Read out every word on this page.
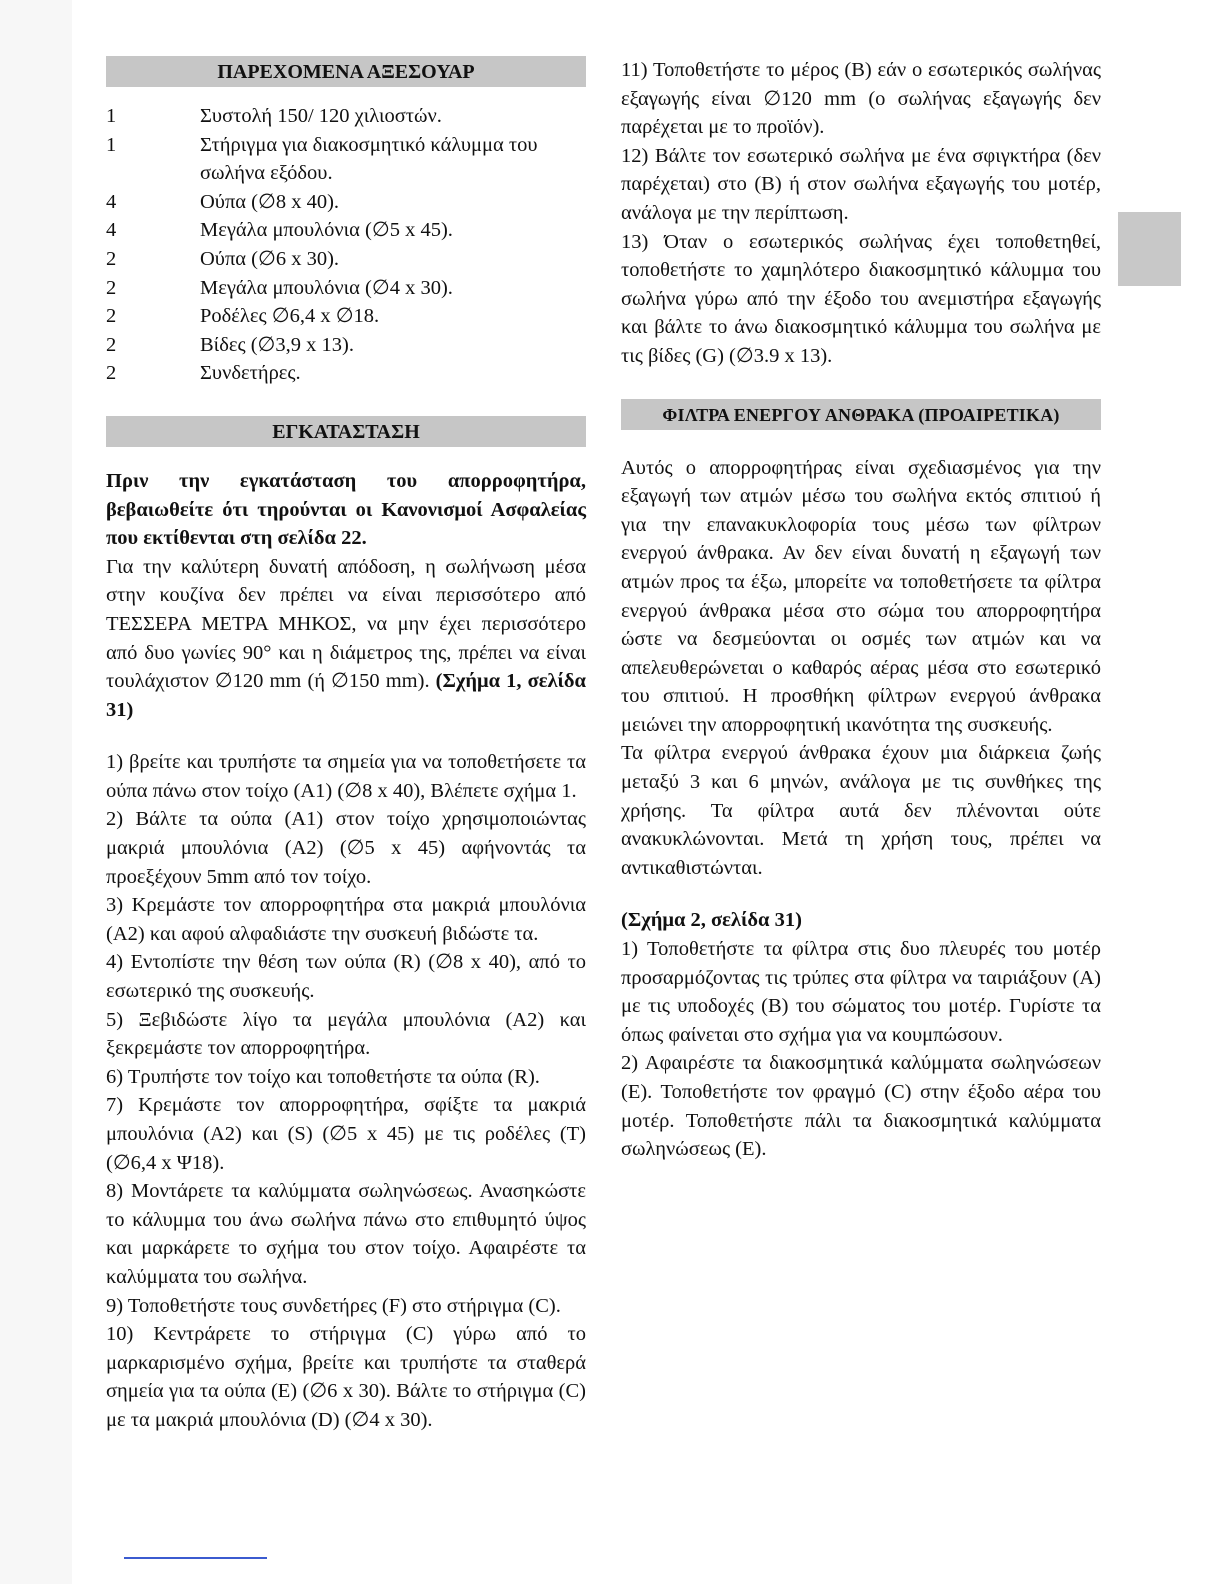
ΠΑΡΕΧΟΜΕΝΑ ΑΞΕΣΟΥΑΡ
1	Συστολή 150/ 120 χιλιοστών.
1	Στήριγμα για διακοσμητικό κάλυμμα του σωλήνα εξόδου.
4	Ούπα (∅8 x 40).
4	Μεγάλα μπουλόνια (∅5 x 45).
2	Ούπα (∅6 x 30).
2	Μεγάλα μπουλόνια (∅4 x 30).
2	Ροδέλες ∅6,4 x ∅18.
2	Βίδες (∅3,9 x 13).
2	Συνδετήρες.
ΕΓΚΑΤΑΣΤΑΣΗ

Πριν την εγκατάσταση του απορροφητήρα, βεβαιωθείτε ότι τηρούνται οι Κανονισμοί Ασφαλείας που εκτίθενται στη σελίδα 22.

Για την καλύτερη δυνατή απόδοση, η σωλήνωση μέσα στην κουζίνα δεν πρέπει να είναι περισσότερο από ΤΕΣΣΕΡΑ ΜΕΤΡΑ ΜΗΚΟΣ, να μην έχει περισσότερο από δυο γωνίες 90° και η διάμετρος της, πρέπει να είναι τουλάχιστον ∅120 mm (ή ∅150 mm). (Σχήμα 1, σελίδα 31)

1) βρείτε και τρυπήστε τα σημεία για να τοποθετήσετε τα ούπα πάνω στον τοίχο (A1) (∅8 x 40), Βλέπετε σχήμα 1.

2) Βάλτε τα ούπα (A1) στον τοίχο χρησιμοποιώντας μακριά μπουλόνια (A2) (∅5 x 45) αφήνοντάς τα προεξέχουν 5mm από τον τοίχο.

3) Κρεμάστε τον απορροφητήρα στα μακριά μπουλόνια (A2) και αφού αλφαδιάστε την συσκευή βιδώστε τα.

4) Εντοπίστε την θέση των ούπα (R) (∅8 x 40), από το εσωτερικό της συσκευής.

5) Ξεβιδώστε λίγο τα μεγάλα μπουλόνια (A2) και ξεκρεμάστε τον απορροφητήρα.

6) Τρυπήστε τον τοίχο και τοποθετήστε τα ούπα (R).

7) Κρεμάστε τον απορροφητήρα, σφίξτε τα μακριά μπουλόνια (A2) και (S) (∅5 x 45) με τις ροδέλες (T) (∅6,4 x Ψ18).

8) Μοντάρετε τα καλύμματα σωληνώσεως. Ανασηκώστε το κάλυμμα του άνω σωλήνα πάνω στο επιθυμητό ύψος και μαρκάρετε το σχήμα του στον τοίχο. Αφαιρέστε τα καλύμματα του σωλήνα.

9) Τοποθετήστε τους συνδετήρες (F) στο στήριγμα (C).

10) Κεντράρετε το στήριγμα (C) γύρω από το μαρκαρισμένο σχήμα, βρείτε και τρυπήστε τα σταθερά σημεία για τα ούπα (E) (∅6 x 30). Βάλτε το στήριγμα (C) με τα μακριά μπουλόνια (D) (∅4 x 30).

11) Τοποθετήστε το μέρος (B) εάν ο εσωτερικός σωλήνας εξαγωγής είναι ∅120 mm (ο σωλήνας εξαγωγής δεν παρέχεται με το προϊόν).

12) Βάλτε τον εσωτερικό σωλήνα με ένα σφιγκτήρα (δεν παρέχεται) στο (B) ή στον σωλήνα εξαγωγής του μοτέρ, ανάλογα με την περίπτωση.

13) Όταν ο εσωτερικός σωλήνας έχει τοποθετηθεί, τοποθετήστε το χαμηλότερο διακοσμητικό κάλυμμα του σωλήνα γύρω από την έξοδο του ανεμιστήρα εξαγωγής και βάλτε το άνω διακοσμητικό κάλυμμα του σωλήνα με τις βίδες (G) (∅3.9 x 13).

ΦΙΛΤΡΑ ΕΝΕΡΓΟΥ ΑΝΘΡΑΚΑ (ΠΡΟΑΙΡΕΤΙΚΑ)

Αυτός ο απορροφητήρας είναι σχεδιασμένος για την εξαγωγή των ατμών μέσω του σωλήνα εκτός σπιτιού ή για την επανακυκλοφορία τους μέσω των φίλτρων ενεργού άνθρακα. Αν δεν είναι δυνατή η εξαγωγή των ατμών προς τα έξω, μπορείτε να τοποθετήσετε τα φίλτρα ενεργού άνθρακα μέσα στο σώμα του απορροφητήρα ώστε να δεσμεύονται οι οσμές των ατμών και να απελευθερώνεται ο καθαρός αέρας μέσα στο εσωτερικό του σπιτιού. Η προσθήκη φίλτρων ενεργού άνθρακα μειώνει την απορροφητική ικανότητα της συσκευής.

Τα φίλτρα ενεργού άνθρακα έχουν μια διάρκεια ζωής μεταξύ 3 και 6 μηνών, ανάλογα με τις συνθήκες της χρήσης. Τα φίλτρα αυτά δεν πλένονται ούτε ανακυκλώνονται. Μετά τη χρήση τους, πρέπει να αντικαθιστώνται.

(Σχήμα 2, σελίδα 31)

1) Τοποθετήστε τα φίλτρα στις δυο πλευρές του μοτέρ προσαρμόζοντας τις τρύπες στα φίλτρα να ταιριάξουν (A) με τις υποδοχές (B) του σώματος του μοτέρ. Γυρίστε τα όπως φαίνεται στο σχήμα για να κουμπώσουν.

2) Αφαιρέστε τα διακοσμητικά καλύμματα σωληνώσεων (E). Τοποθετήστε τον φραγμό (C) στην έξοδο αέρα του μοτέρ. Τοποθετήστε πάλι τα διακοσμητικά καλύμματα σωληνώσεως (E).
